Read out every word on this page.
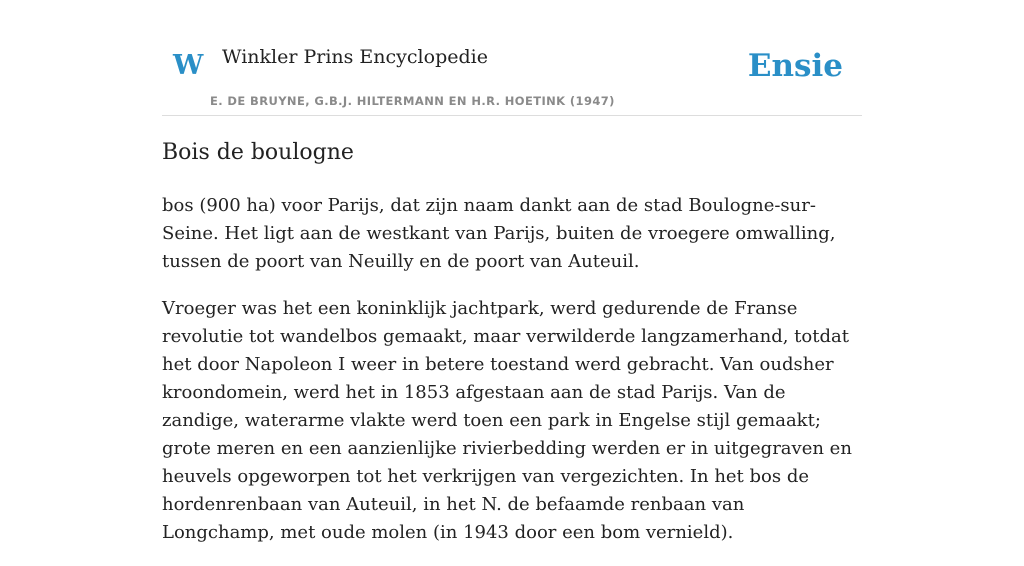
W Winkler Prins Encyclopedie
E. DE BRUYNE, G.B.J. HILTERMANN EN H.R. HOETINK (1947)
Ensie
Bois de boulogne

bos (900 ha) voor Parijs, dat zijn naam dankt aan de stad Boulogne-sur-Seine. Het ligt aan de westkant van Parijs, buiten de vroegere omwalling, tussen de poort van Neuilly en de poort van Auteuil.

Vroeger was het een koninklijk jachtpark, werd gedurende de Franse revolutie tot wandelbos gemaakt, maar verwilderde langzamerhand, totdat het door Napoleon I weer in betere toestand werd gebracht. Van oudsher kroondomein, werd het in 1853 afgestaan aan de stad Parijs. Van de zandige, waterarme vlakte werd toen een park in Engelse stijl gemaakt; grote meren en een aanzienlijke rivierbedding werden er in uitgegraven en heuvels opgeworpen tot het verkrijgen van vergezichten. In het bos de hordenrenbaan van Auteuil, in het N. de befaamde renbaan van Longchamp, met oude molen (in 1943 door een bom vernield).
